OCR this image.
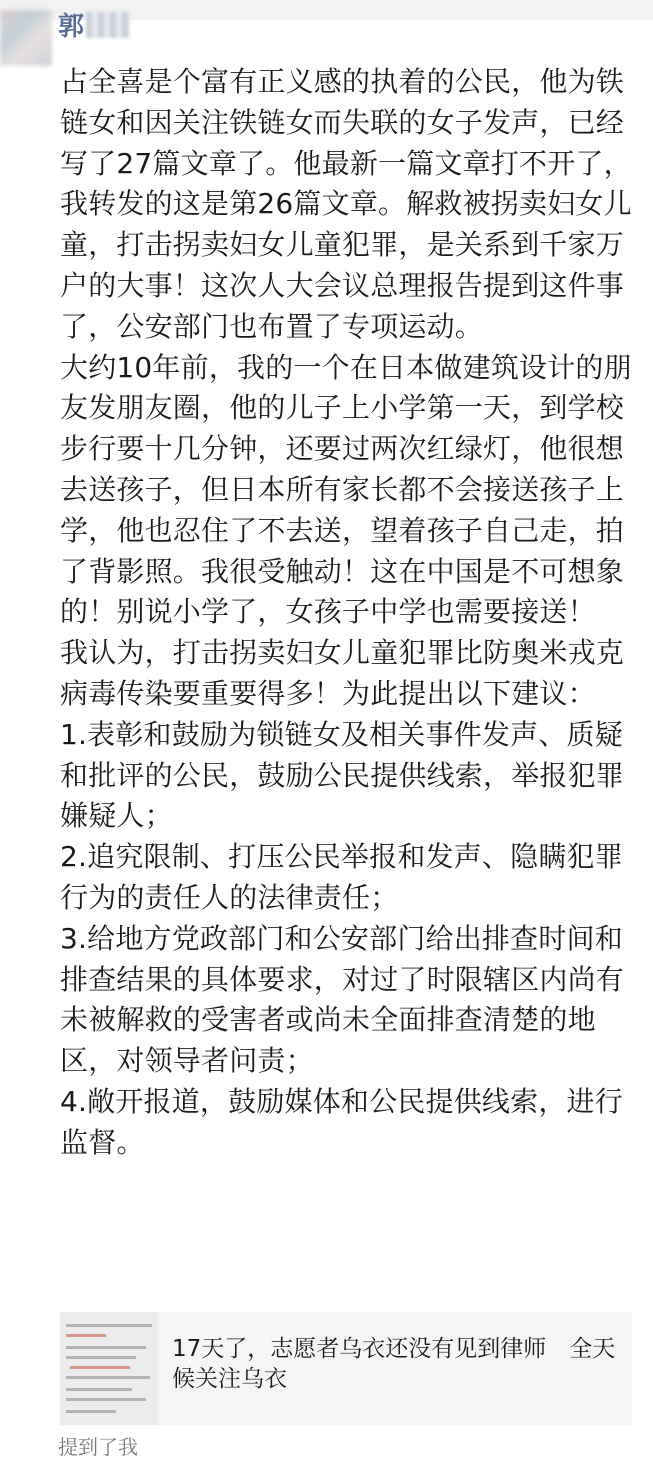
郭

占全喜是个富有正义感的执着的公民，他为铁链女和因关注铁链女而失联的女子发声，已经写了27篇文章了。他最新一篇文章打不开了，我转发的这是第26篇文章。解救被拐卖妇女儿童，打击拐卖妇女儿童犯罪，是关系到千家万户的大事！这次人大会议总理报告提到这件事了，公安部门也布置了专项运动。

大约10年前，我的一个在日本做建筑设计的朋友发朋友圈，他的儿子上小学第一天，到学校步行要十几分钟，还要过两次红绿灯，他很想去送孩子，但日本所有家长都不会接送孩子上学，他也忍住了不去送，望着孩子自己走，拍了背影照。我很受触动！这在中国是不可想象的！别说小学了，女孩子中学也需要接送！

我认为，打击拐卖妇女儿童犯罪比防奥米戎克病毒传染要重要得多！为此提出以下建议：

1.表彰和鼓励为锁链女及相关事件发声、质疑和批评的公民，鼓励公民提供线索，举报犯罪嫌疑人；

2.追究限制、打压公民举报和发声、隐瞒犯罪行为的责任人的法律责任；

3.给地方党政部门和公安部门给出排查时间和排查结果的具体要求，对过了时限辖区内尚有未被解救的受害者或尚未全面排查清楚的地区，对领导者问责；

4.敞开报道，鼓励媒体和公民提供线索，进行监督。

17天了，志愿者乌衣还没有见到律师　全天候关注乌衣
提到了我
